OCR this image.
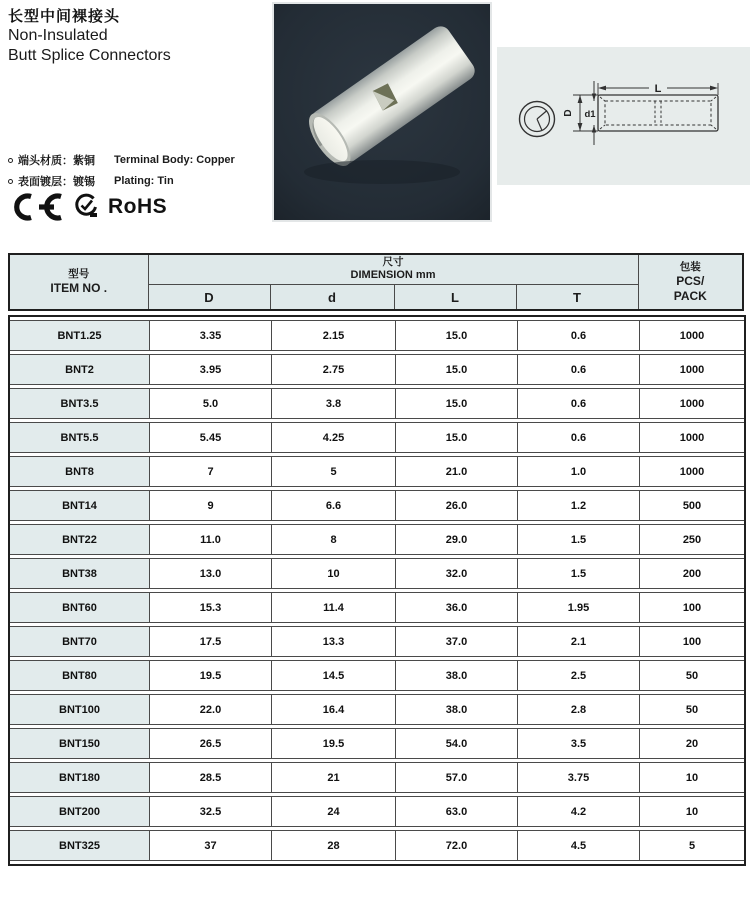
长型中间裸接头
Non-Insulated
Butt Splice Connectors
端头材质：紫铜	Terminal Body: Copper
表面镀层：镀锡	Plating: Tin
RoHS
L
D d1
型号
ITEM NO .

尺寸
DIMENSION mm

包装
PCS/
PACK

	D	d	L	T	
BNT1.25	3.35	2.15	15.0	0.6	1000
BNT2	3.95	2.75	15.0	0.6	1000
BNT3.5	5.0	3.8	15.0	0.6	1000
BNT5.5	5.45	4.25	15.0	0.6	1000
BNT8	7	5	21.0	1.0	1000
BNT14	9	6.6	26.0	1.2	500
BNT22	11.0	8	29.0	1.5	250
BNT38	13.0	10	32.0	1.5	200
BNT60	15.3	11.4	36.0	1.95	100
BNT70	17.5	13.3	37.0	2.1	100
BNT80	19.5	14.5	38.0	2.5	50
BNT100	22.0	16.4	38.0	2.8	50
BNT150	26.5	19.5	54.0	3.5	20
BNT180	28.5	21	57.0	3.75	10
BNT200	32.5	24	63.0	4.2	10
BNT325	37	28	72.0	4.5	5
